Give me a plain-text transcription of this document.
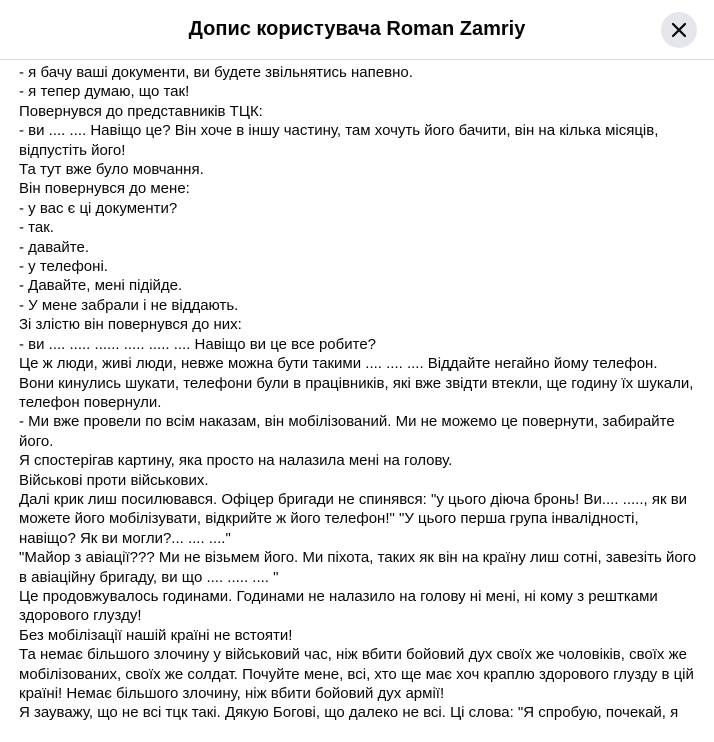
Допис користувача Roman Zamriy
- я бачу ваші документи, ви будете звільнятись напевно.
- я тепер думаю, що так!
Повернувся до представників ТЦК:
- ви .... .... Навіщо це? Він хоче в іншу частину, там хочуть його бачити, він на кілька місяців, відпустіть його!
Та тут вже було мовчання.
Він повернувся до мене:
- у вас є ці документи?
- так.
- давайте.
- у телефоні.
- Давайте, мені підійде.
- У мене забрали і не віддають.
Зі злістю він повернувся до них:
- ви .... ..... ...... ..... ..... .... Навіщо ви це все робите?
Це ж люди, живі люди, невже можна бути такими .... .... .... Віддайте негайно йому телефон.
Вони кинулись шукати, телефони були в працівників, які вже звідти втекли, ще годину їх шукали, телефон повернули.
- Ми вже провели по всім наказам, він мобілізований. Ми не можемо це повернути, забирайте його.
Я спостерігав картину, яка просто на налазила мені на голову.
Військові проти військових.
Далі крик лиш посилювався. Офіцер бригади не спинявся: "у цього діюча бронь! Ви.... ....., як ви можете його мобілізувати, відкрийте ж його телефон!" "У цього перша група інвалідності, навіщо? Як ви могли?... .... ...."
"Майор з авіації??? Ми не візьмем його. Ми піхота, таких як він на країну лиш сотні, завезіть його в авіаційну бригаду, ви що .... ..... .... "
Це продовжувалось годинами. Годинами не налазило на голову ні мені, ні кому з рештками здорового глузду!
Без мобілізації нашій країні не встояти!
Та немає більшого злочину у військовий час, ніж вбити бойовий дух своїх же чоловіків, своїх же мобілізованих, своїх же солдат. Почуйте мене, всі, хто ще має хоч краплю здорового глузду в цій країні! Немає більшого злочину, ніж вбити бойовий дух армії!
Я зауважу, що не всі тцк такі. Дякую Богові, що далеко не всі. Ці слова: "Я спробую, почекай, я
